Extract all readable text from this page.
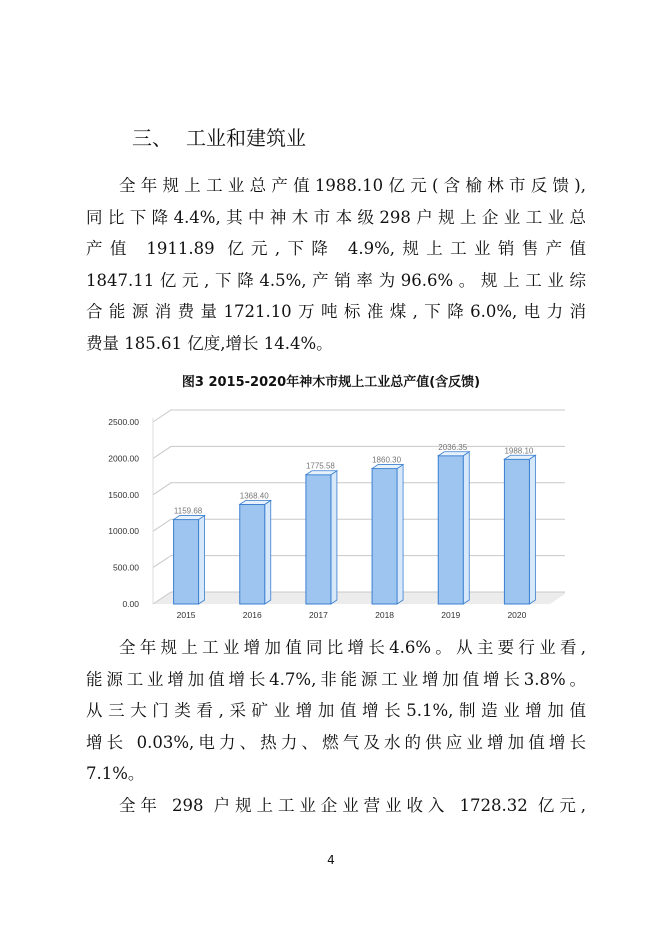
三、 工业和建筑业
全年规上工业总产值1988.10亿元(含榆林市反馈),
同比下降4.4%,其中神木市本级298户规上企业工业总
产值 1911.89 亿元,下降 4.9%,规上工业销售产值
1847.11亿元,下降4.5%,产销率为96.6%。规上工业综
合能源消费量1721.10万吨标准煤,下降6.0%,电力消
费量 185.61 亿度,增长 14.4%。
图3 2015-2020年神木市规上工业总产值(含反馈)
0.00
500.00
1000.00
1500.00
2000.00
2500.00
1159.68
1368.40
1775.58
1860.30
2036.35	1988.10
2015	2016	2017	2018	2019	2020
全年规上工业增加值同比增长4.6%。从主要行业看,
能源工业增加值增长4.7%,非能源工业增加值增长3.8%。
从三大门类看,采矿业增加值增长5.1%,制造业增加值
增长 0.03%,电力、热力、燃气及水的供应业增加值增长
7.1%。
全年 298 户规上工业企业营业收入 1728.32 亿元,
4
